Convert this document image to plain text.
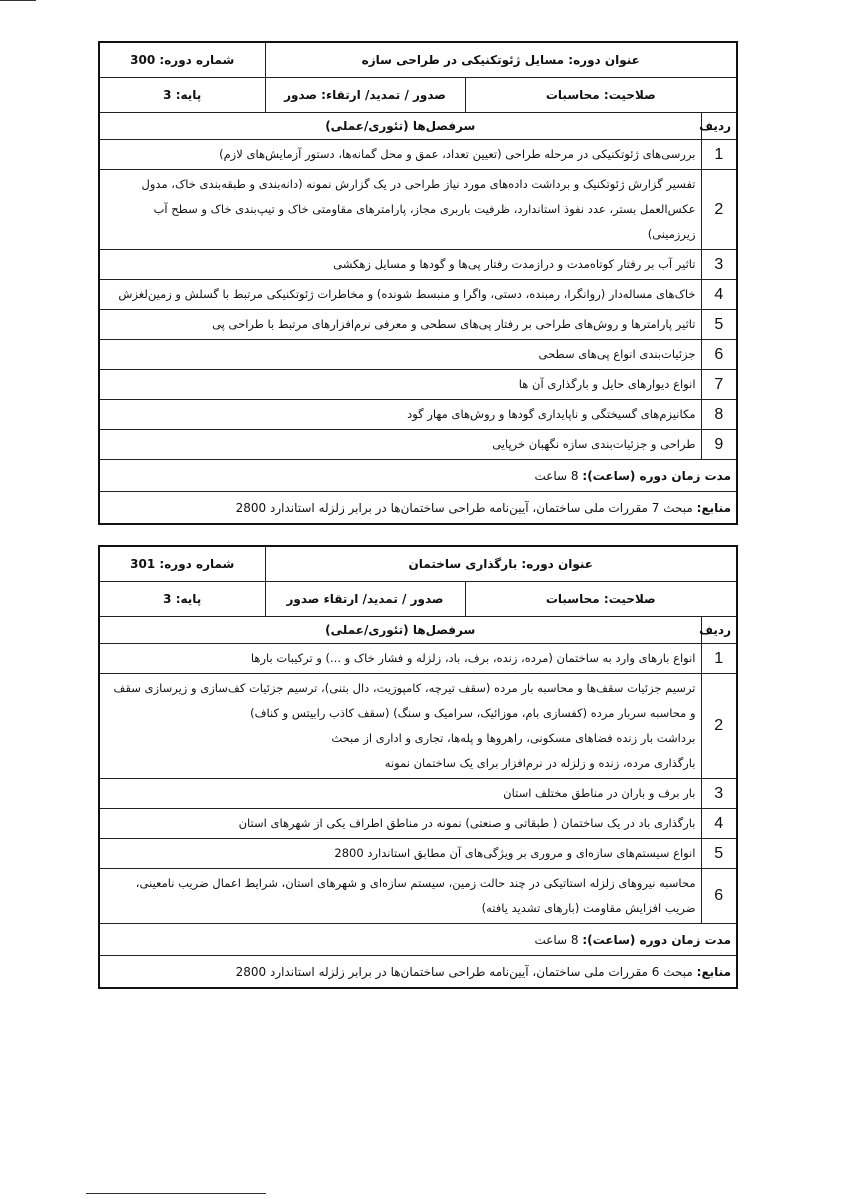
عنوان دوره: مسایل ژئوتکنیکی در طراحی سازه			شماره دوره: 300
صلاحیت: محاسبات		صدور / تمدید/ ارتقاء: صدور	پایه: 3
ردیف	سرفصل‌ها (تئوری/عملی)		
1	بررسی‌های ژئوتکنیکی در مرحله طراحی (تعیین تعداد، عمق و محل گمانه‌ها، دستور آزمایش‌های لازم)		
2	تفسیر گزارش ژئوتکنیک و برداشت داده‌های مورد نیاز طراحی در یک گزارش نمونه (دانه‌بندی و طبقه‌بندی خاک، مدول عکس‌العمل بستر، عدد نفوذ استاندارد، ظرفیت باربری مجاز، پارامترهای مقاومتی خاک و تیپ‌بندی خاک و سطح آب زیرزمینی)		
3	تاثیر آب بر رفتار کوتاه‌مدت و درازمدت رفتار پی‌ها و گودها و مسایل زهکشی		
4	خاک‌های مساله‌دار (روانگرا، رمبنده، دستی، واگرا و منبسط شونده) و مخاطرات ژئوتکنیکی مرتبط با گسلش و زمین‌لغزش		
5	تاثیر پارامترها و روش‌های طراحی بر رفتار پی‌های سطحی و معرفی نرم‌افزارهای مرتبط با طراحی پی		
6	جزئیات‌بندی انواع پی‌های سطحی		
7	انواع دیوارهای حایل و بارگذاری آن ها		
8	مکانیزم‌های گسیختگی و ناپایداری گودها و روش‌های مهار گود		
9	طراحی و جزئیات‌بندی سازه نگهبان خرپایی		
مدت زمان دوره (ساعت): 8 ساعت			
منابع: مبحث 7 مقررات ملی ساختمان، آیین‌نامه طراحی ساختمان‌ها در برابر زلزله استاندارد 2800			
عنوان دوره: بارگذاری ساختمان			شماره دوره: 301
صلاحیت: محاسبات		صدور / تمدید/ ارتقاء صدور	پایه: 3
ردیف	سرفصل‌ها (تئوری/عملی)		
1	انواع بارهای وارد به ساختمان (مرده، زنده، برف، باد، زلزله و فشار خاک و ...) و ترکیبات بارها		
2	ترسیم جزئیات سقف‌ها و محاسبه بار مرده (سقف تیرچه، کامپوزیت، دال بتنی)، ترسیم جزئیات کف‌سازی و زیرسازی سقف و محاسبه سربار مرده (کفسازی بام، موزائیک، سرامیک و سنگ) (سقف کاذب رابیتس و کناف)
برداشت بار زنده فضاهای مسکونی، راهروها و پله‌ها، تجاری و اداری از مبحث
بارگذاری مرده، زنده و زلزله در نرم‌افزار برای یک ساختمان نمونه		
3	بار برف و باران در مناطق مختلف استان		
4	بارگذاری باد در یک ساختمان ( طبقاتی و صنعتی) نمونه در مناطق اطراف یکی از شهرهای استان		
5	انواع سیستم‌های سازه‌ای و مروری بر ویژگی‌های آن مطابق استاندارد 2800		
6	محاسبه نیروهای زلزله استاتیکی در چند حالت زمین، سیستم سازه‌ای و شهرهای استان، شرایط اعمال ضریب نامعینی، ضریب افزایش مقاومت (بارهای تشدید یافته)		
مدت زمان دوره (ساعت): 8 ساعت			
منابع: مبحث 6 مقررات ملی ساختمان، آیین‌نامه طراحی ساختمان‌ها در برابر زلزله استاندارد 2800			
